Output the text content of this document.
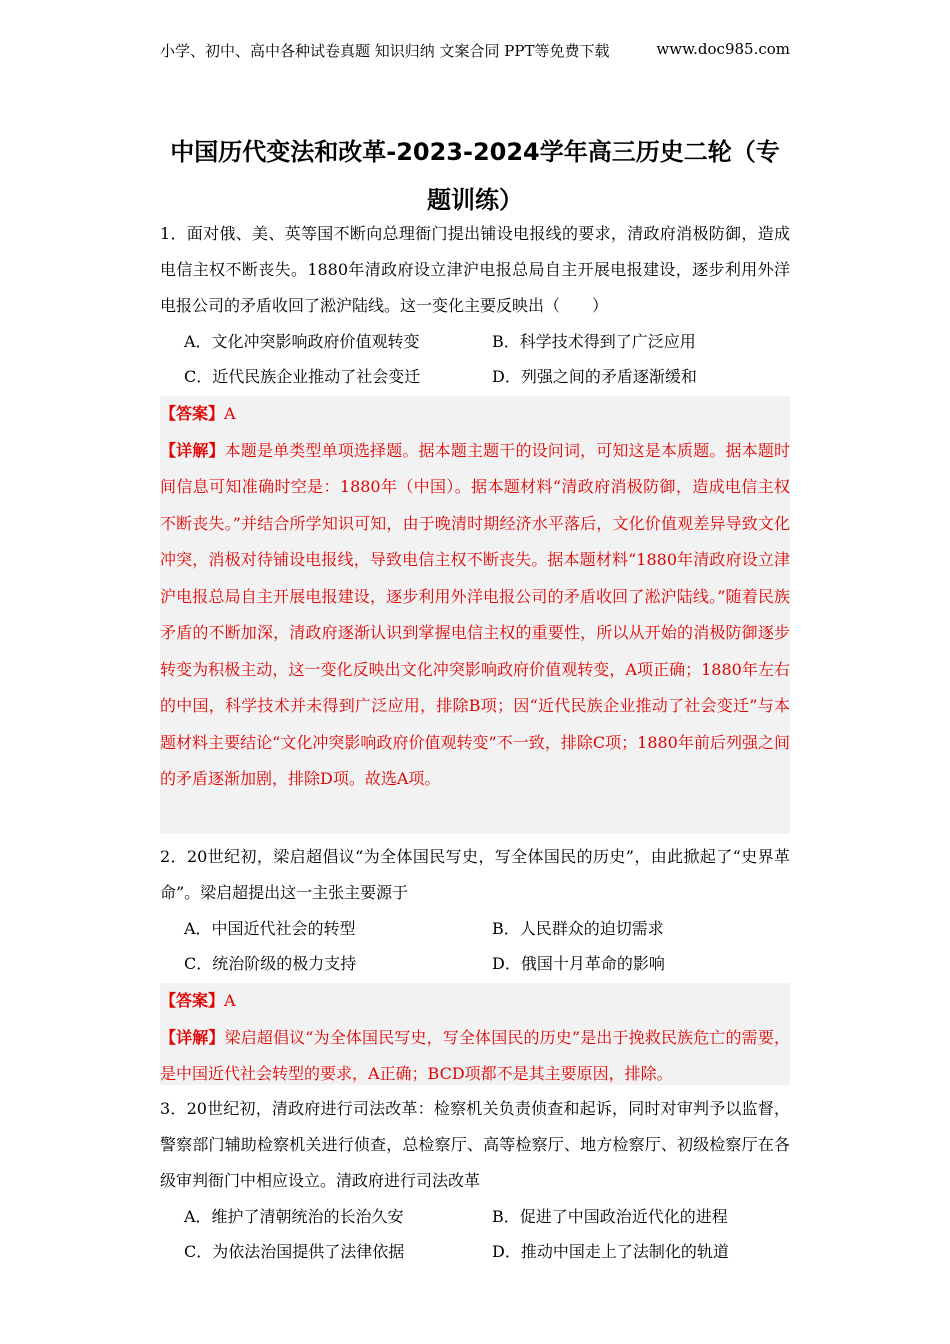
小学、初中、高中各种试卷真题 知识归纳 文案合同 PPT等免费下载	www.doc985.com
中国历代变法和改革-2023-2024学年高三历史二轮（专题训练）

1．面对俄、美、英等国不断向总理衙门提出铺设电报线的要求，清政府消极防御，造成电信主权不断丧失。1880年清政府设立津沪电报总局自主开展电报建设，逐步利用外洋电报公司的矛盾收回了淞沪陆线。这一变化主要反映出（　　）

A．文化冲突影响政府价值观转变	B．科学技术得到了广泛应用
C．近代民族企业推动了社会变迁	D．列强之间的矛盾逐渐缓和

【答案】A

【详解】本题是单类型单项选择题。据本题主题干的设问词，可知这是本质题。据本题时间信息可知准确时空是：1880年（中国）。据本题材料“清政府消极防御，造成电信主权不断丧失。”并结合所学知识可知，由于晚清时期经济水平落后，文化价值观差异导致文化冲突，消极对待铺设电报线，导致电信主权不断丧失。据本题材料“1880年清政府设立津沪电报总局自主开展电报建设，逐步利用外洋电报公司的矛盾收回了淞沪陆线。”随着民族矛盾的不断加深，清政府逐渐认识到掌握电信主权的重要性，所以从开始的消极防御逐步转变为积极主动，这一变化反映出文化冲突影响政府价值观转变，A项正确；1880年左右的中国，科学技术并未得到广泛应用，排除B项；因“近代民族企业推动了社会变迁”与本题材料主要结论“文化冲突影响政府价值观转变”不一致，排除C项；1880年前后列强之间的矛盾逐渐加剧，排除D项。故选A项。

2．20世纪初，梁启超倡议“为全体国民写史，写全体国民的历史”，由此掀起了“史界革命”。梁启超提出这一主张主要源于

A．中国近代社会的转型	B．人民群众的迫切需求
C．统治阶级的极力支持	D．俄国十月革命的影响

【答案】A

【详解】梁启超倡议“为全体国民写史，写全体国民的历史”是出于挽救民族危亡的需要，是中国近代社会转型的要求，A正确；BCD项都不是其主要原因，排除。

3．20世纪初，清政府进行司法改革：检察机关负责侦查和起诉，同时对审判予以监督，警察部门辅助检察机关进行侦查，总检察厅、高等检察厅、地方检察厅、初级检察厅在各级审判衙门中相应设立。清政府进行司法改革

A．维护了清朝统治的长治久安	B．促进了中国政治近代化的进程
C．为依法治国提供了法律依据	D．推动中国走上了法制化的轨道
